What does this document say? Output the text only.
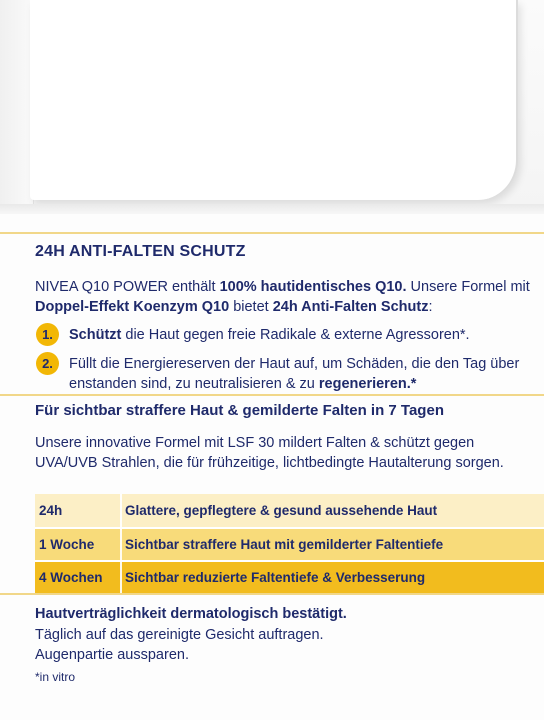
24H ANTI-FALTEN SCHUTZ
NIVEA Q10 POWER enthält 100% hautidentisches Q10. Unsere Formel mit Doppel-Effekt Koenzym Q10 bietet 24h Anti-Falten Schutz:
1.	Schützt die Haut gegen freie Radikale & externe Agressoren*.
2.	Füllt die Energiereserven der Haut auf, um Schäden, die den Tag über enstanden sind, zu neutralisieren & zu regenerieren.*
Für sichtbar straffere Haut & gemilderte Falten in 7 Tagen
Unsere innovative Formel mit LSF 30 mildert Falten & schützt gegen UVA/UVB Strahlen, die für frühzeitige, lichtbedingte Hautalterung sorgen.
24h	Glattere, gepflegtere & gesund aussehende Haut
1 Woche	Sichtbar straffere Haut mit gemilderter Faltentiefe
4 Wochen	Sichtbar reduzierte Faltentiefe & Verbesserung
Hautverträglichkeit dermatologisch bestätigt.
Täglich auf das gereinigte Gesicht auftragen.
Augenpartie aussparen.
*in vitro
